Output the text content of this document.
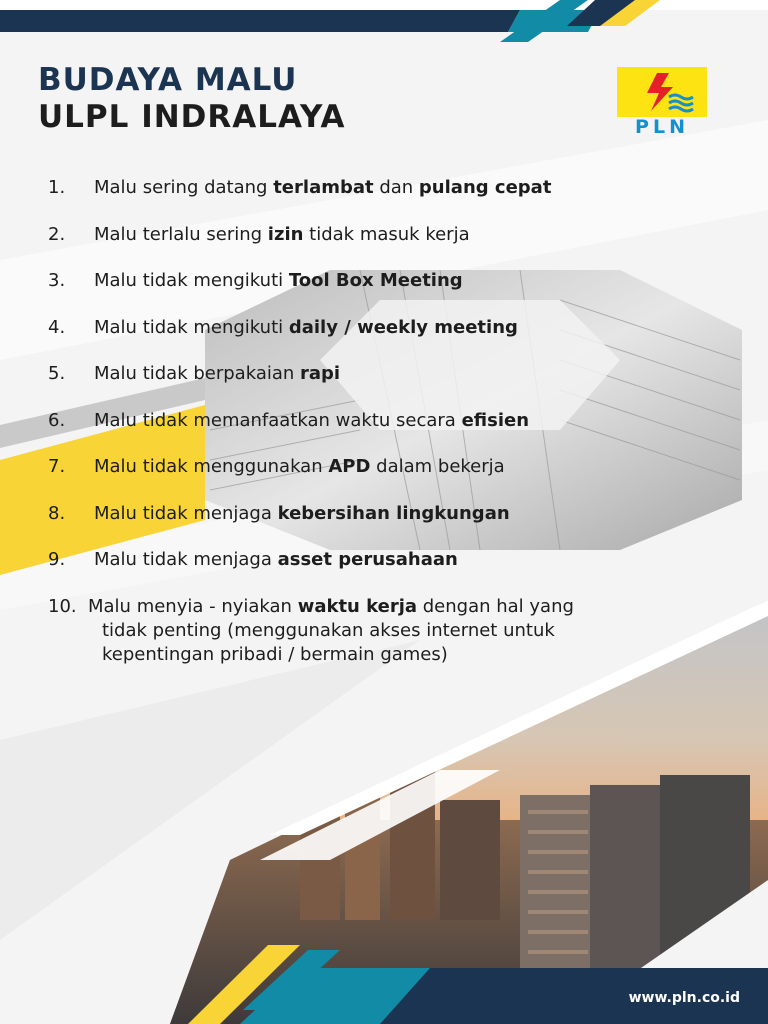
BUDAYA MALU
ULPL INDRALAYA	PLN
1.	Malu sering datang terlambat dan pulang cepat
2.	Malu terlalu sering izin tidak masuk kerja
3.	Malu tidak mengikuti Tool Box Meeting
4.	Malu tidak mengikuti daily / weekly meeting
5.	Malu tidak berpakaian rapi
6.	Malu tidak memanfaatkan waktu secara efisien
7.	Malu tidak menggunakan APD dalam bekerja
8.	Malu tidak menjaga kebersihan lingkungan
9.	Malu tidak menjaga asset perusahaan
10. Malu menyia - nyiakan waktu kerja dengan hal yang
tidak penting (menggunakan akses internet untuk
kepentingan pribadi / bermain games)

www.pln.co.id
